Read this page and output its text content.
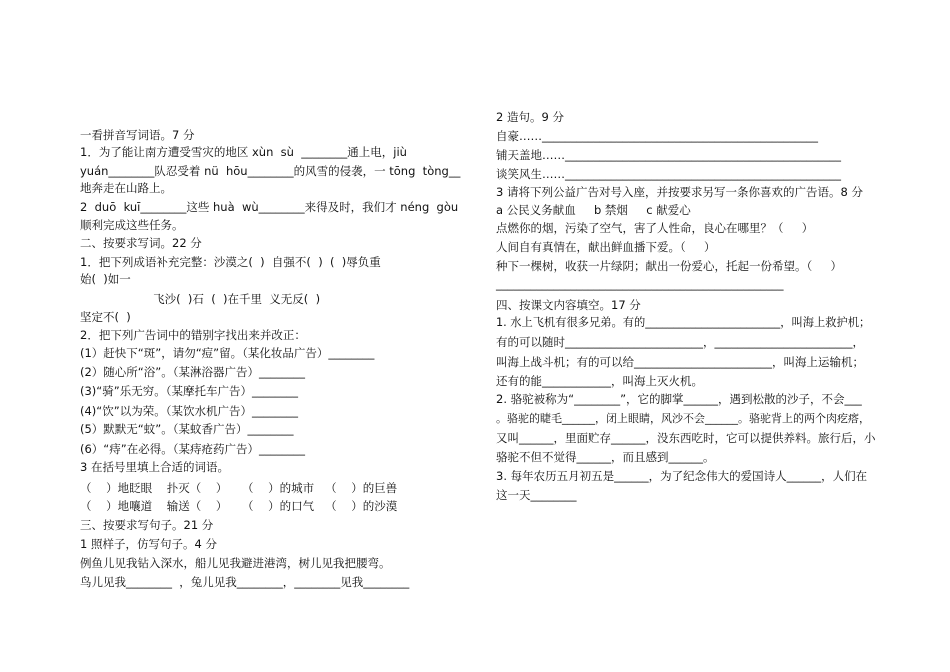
一看拼音写词语。7 分
1．为了能让南方遭受雪灾的地区 xùn  sù  ________通上电，jiù
yuán________队忍受着 nü  hōu________的风雪的侵袭，一 tōng  tòng__
地奔走在山路上。
2  duō  kuī________这些 huà  wù________来得及时，我们才 néng  gòu
顺利完成这些任务。
二、按要求写词。22 分
1．把下列成语补充完整：沙漠之(  )  自强不(  )  (  )辱负重
始(  )如一
飞沙(  )石  (  )在千里  义无反(  )
坚定不(  )
2．把下列广告词中的错别字找出来并改正：
(1）赶快下“斑”，请勿“痘”留。（某化妆品广告）________
(2）随心所“浴”。（某淋浴器广告）________
(3)“骑”乐无穷。（某摩托车广告）________
(4)“饮”以为荣。（某饮水机广告）________
(5）默默无“蚊”。（某蚊香广告）________
(6）“痔”在必得。（某痔疮药广告）________
3 在括号里填上合适的词语。
（    ）地眨眼    扑灭（    ）    （    ）的城市   （    ）的巨兽
（    ）地嚷道    输送（    ）    （    ）的口气   （    ）的沙漠
三、按要求写句子。21 分
1 照样子，仿写句子。4 分
例鱼儿见我钻入深水，船儿见我避进港湾，树儿见我把腰弯。
鸟儿见我________  ，兔儿见我________，________见我________
2 造句。9 分
自豪……________________________________________________
铺天盖地……________________________________________________
谈笑风生……________________________________________________
3 请将下列公益广告对号入座，并按要求另写一条你喜欢的广告语。8 分
a 公民义务献血     b 禁烟     c 献爱心
点燃你的烟，污染了空气，害了人性命，良心在哪里？（     ）
人间自有真情在，献出鲜血播下爱。（     ）
种下一棵树，收获一片绿阴；献出一份爱心，托起一份希望。（     ）
__________________________________________________
四、按课文内容填空。17 分
1. 水上飞机有很多兄弟。有的________________________，叫海上救护机；
有的可以随时________________________，________________________，
叫海上战斗机；有的可以给________________________，叫海上运输机；
还有的能____________，叫海上灭火机。
2. 骆驼被称为“________”，它的脚掌______，遇到松散的沙子，不会___
。骆驼的睫毛______，闭上眼睛，风沙不会______。骆驼背上的两个肉疙瘩，
又叫______，里面贮存______，没东西吃时，它可以提供养料。旅行后，小
骆驼不但不觉得______，而且感到______。
3. 每年农历五月初五是______，为了纪念伟大的爱国诗人______，人们在
这一天________
